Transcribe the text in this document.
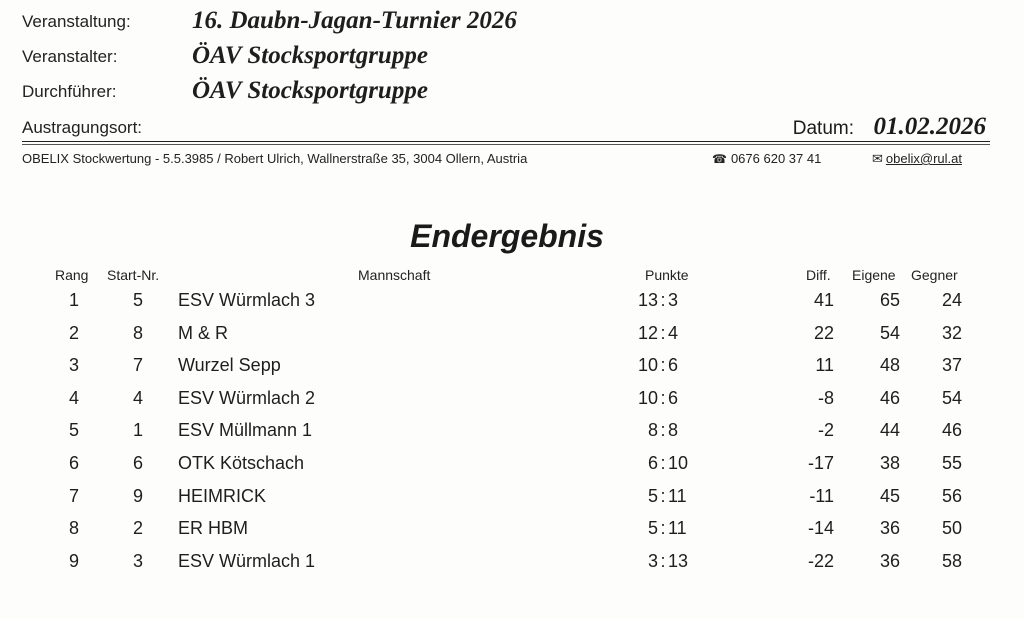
Veranstaltung: 16. Daubn-Jagan-Turnier 2026
Veranstalter:	ÖAV Stocksportgruppe
Durchführer:	ÖAV Stocksportgruppe
Austragungsort:	Datum: 01.02.2026
OBELIX Stockwertung - 5.5.3985 / Robert Ulrich, Wallnerstraße 35, 3004 Ollern, Austria	☎ 0676 620 37 41	✉ obelix@rul.at
Endergebnis
Rang Start-Nr.	Mannschaft	Punkte	Diff. Eigene Gegner
1	5	ESV Würmlach 3	13 : 3	41	65	24
2	8	M & R	12 : 4	22	54	32
3	7	Wurzel Sepp	10 : 6	11	48	37
4	4	ESV Würmlach 2	10 : 6	-8	46	54
5	1	ESV Müllmann 1	8 : 8	-2	44	46
6	6	OTK Kötschach	6 : 10	-17	38	55
7	9	HEIMRICK	5 : 11	-11	45	56
8	2	ER HBM	5 : 11	-14	36	50
9	3	ESV Würmlach 1	3 : 13	-22	36	58
